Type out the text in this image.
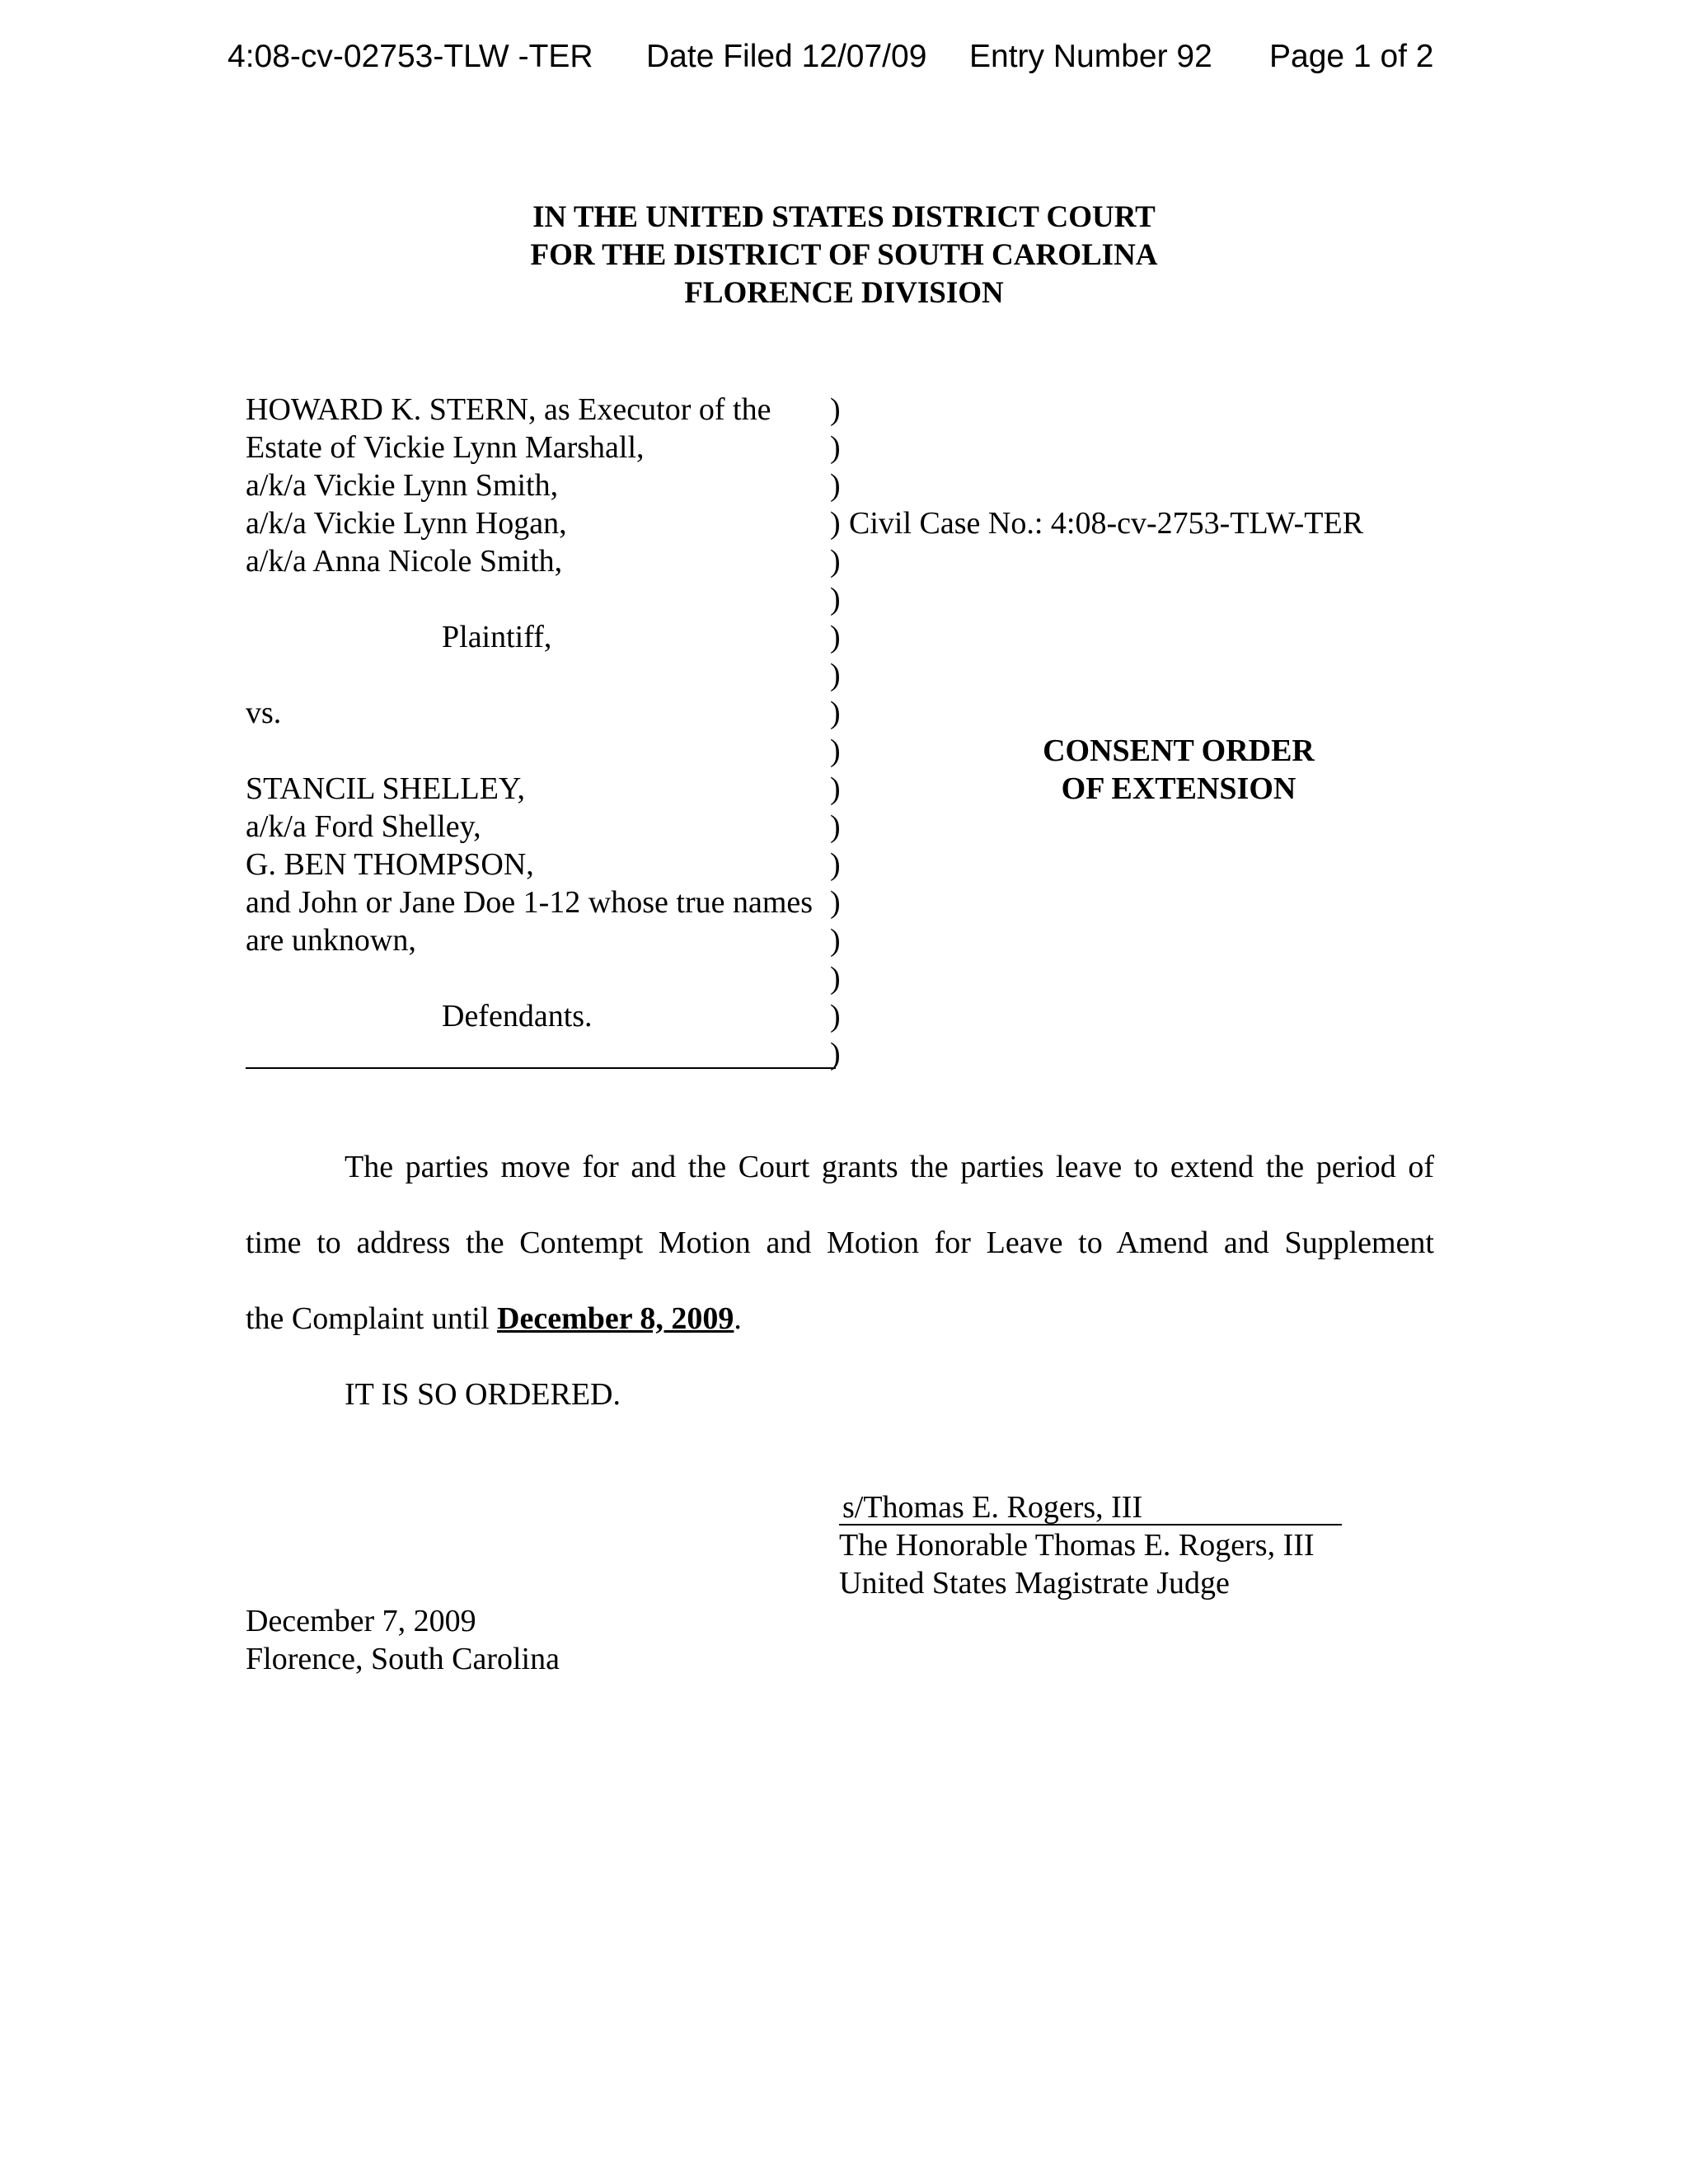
4:08-cv-02753-TLW -TER Date Filed 12/07/09 Entry Number 92 Page 1 of 2
IN THE UNITED STATES DISTRICT COURT
FOR THE DISTRICT OF SOUTH CAROLINA
FLORENCE DIVISION
HOWARD K. STERN, as Executor of the
Estate of Vickie Lynn Marshall,
a/k/a Vickie Lynn Smith,
a/k/a Vickie Lynn Hogan,
a/k/a Anna Nicole Smith,
Plaintiff,
vs.
STANCIL SHELLEY,
a/k/a Ford Shelley,
G. BEN THOMPSON,
and John or Jane Doe 1-12 whose true names
are unknown,
Defendants.
)
)
)
)
)
)
)
)
)
)
)
)
)
)
)
)
)
)
Civil Case No.: 4:08-cv-2753-TLW-TER
CONSENT ORDER
OF EXTENSION
The parties move for and the Court grants the parties leave to extend the period of
time to address the Contempt Motion and Motion for Leave to Amend and Supplement
the Complaint until December 8, 2009.
IT IS SO ORDERED.
s/Thomas E. Rogers, III
The Honorable Thomas E. Rogers, III
United States Magistrate Judge
December 7, 2009
Florence, South Carolina
